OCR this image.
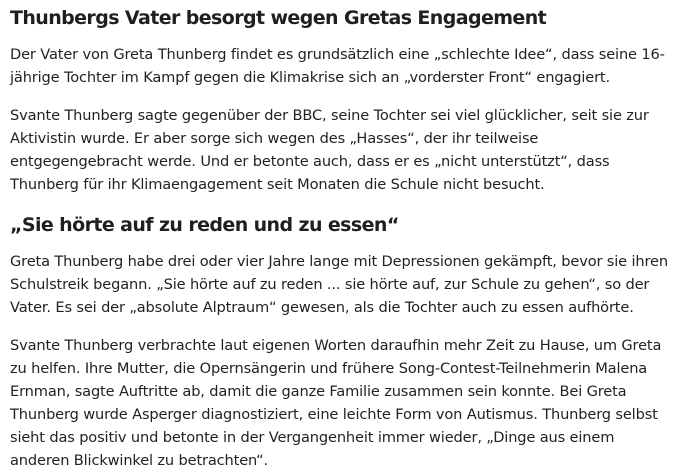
Thunbergs Vater besorgt wegen Gretas Engagement

Der Vater von Greta Thunberg findet es grundsätzlich eine „schlechte Idee“, dass seine 16-jährige Tochter im Kampf gegen die Klimakrise sich an „vorderster Front“ engagiert.

Svante Thunberg sagte gegenüber der BBC, seine Tochter sei viel glücklicher, seit sie zur Aktivistin wurde. Er aber sorge sich wegen des „Hasses“, der ihr teilweise entgegengebracht werde. Und er betonte auch, dass er es „nicht unterstützt“, dass Thunberg für ihr Klimaengagement seit Monaten die Schule nicht besucht.

„Sie hörte auf zu reden und zu essen“

Greta Thunberg habe drei oder vier Jahre lange mit Depressionen gekämpft, bevor sie ihren Schulstreik begann. „Sie hörte auf zu reden ... sie hörte auf, zur Schule zu gehen“, so der Vater. Es sei der „absolute Alptraum“ gewesen, als die Tochter auch zu essen aufhörte.

Svante Thunberg verbrachte laut eigenen Worten daraufhin mehr Zeit zu Hause, um Greta zu helfen. Ihre Mutter, die Opernsängerin und frühere Song-Contest-Teilnehmerin Malena Ernman, sagte Auftritte ab, damit die ganze Familie zusammen sein konnte. Bei Greta Thunberg wurde Asperger diagnostiziert, eine leichte Form von Autismus. Thunberg selbst sieht das positiv und betonte in der Vergangenheit immer wieder, „Dinge aus einem anderen Blickwinkel zu betrachten“.
